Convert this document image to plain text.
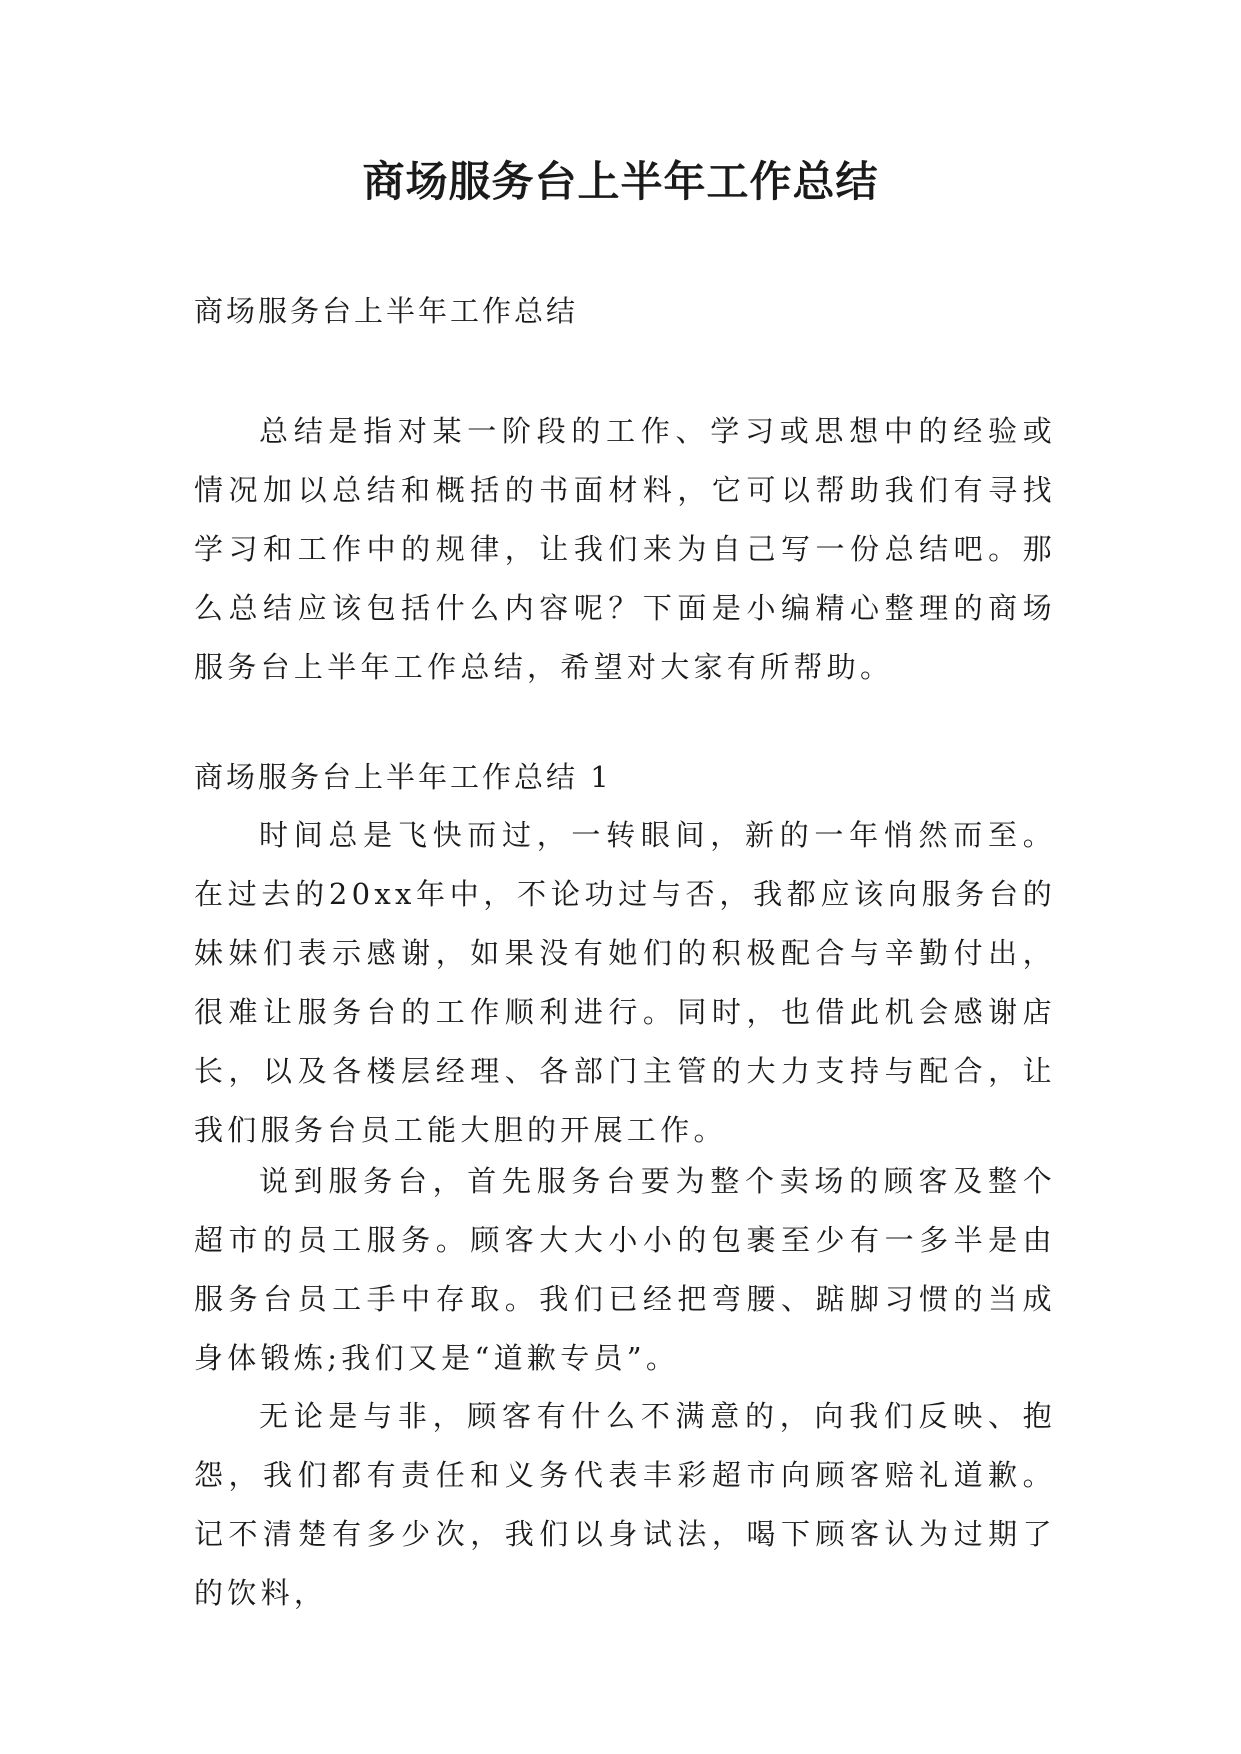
商场服务台上半年工作总结

商场服务台上半年工作总结

总结是指对某一阶段的工作、学习或思想中的经验或情况加以总结和概括的书面材料，它可以帮助我们有寻找学习和工作中的规律，让我们来为自己写一份总结吧。那么总结应该包括什么内容呢？下面是小编精心整理的商场服务台上半年工作总结，希望对大家有所帮助。

商场服务台上半年工作总结 1

时间总是飞快而过，一转眼间，新的一年悄然而至。在过去的20xx年中，不论功过与否，我都应该向服务台的妹妹们表示感谢，如果没有她们的积极配合与辛勤付出，很难让服务台的工作顺利进行。同时，也借此机会感谢店长，以及各楼层经理、各部门主管的大力支持与配合，让我们服务台员工能大胆的开展工作。

说到服务台，首先服务台要为整个卖场的顾客及整个超市的员工服务。顾客大大小小的包裹至少有一多半是由服务台员工手中存取。我们已经把弯腰、踮脚习惯的当成身体锻炼;我们又是“道歉专员”。

无论是与非，顾客有什么不满意的，向我们反映、抱怨，我们都有责任和义务代表丰彩超市向顾客赔礼道歉。记不清楚有多少次，我们以身试法，喝下顾客认为过期了的饮料，
